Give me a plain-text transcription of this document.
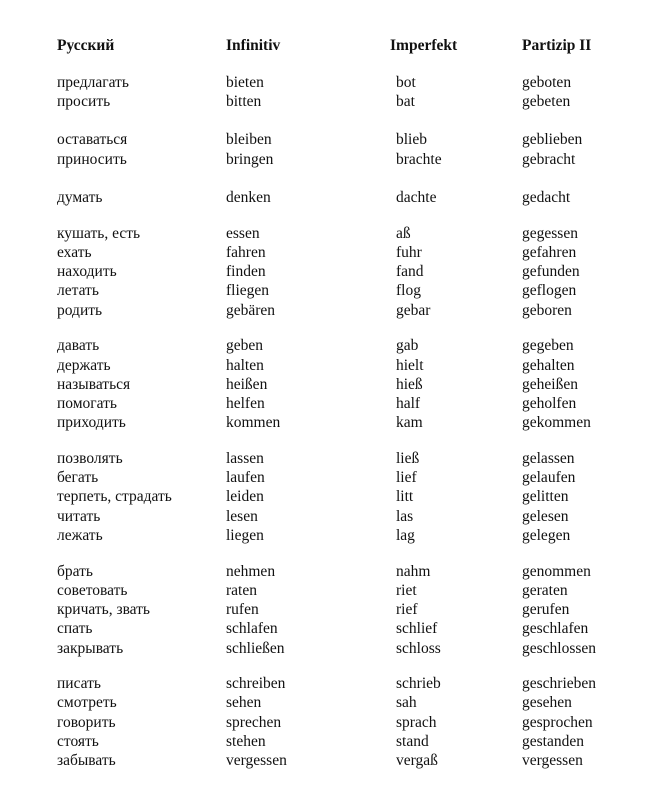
Русский	Infinitiv	Imperfekt	Partizip II
предлагать	bieten	bot	geboten
просить	bitten	bat	gebeten
оставаться	bleiben	blieb	geblieben
приносить	bringen	brachte	gebracht
думать	denken	dachte	gedacht
кушать, есть	essen	aß	gegessen
ехать	fahren	fuhr	gefahren
находить	finden	fand	gefunden
летать	fliegen	flog	geflogen
родить	gebären	gebar	geboren
давать	geben	gab	gegeben
держать	halten	hielt	gehalten
называться	heißen	hieß	geheißen
помогать	helfen	half	geholfen
приходить	kommen	kam	gekommen
позволять	lassen	ließ	gelassen
бегать	laufen	lief	gelaufen
терпеть, страдать	leiden	litt	gelitten
читать	lesen	las	gelesen
лежать	liegen	lag	gelegen
брать	nehmen	nahm	genommen
советовать	raten	riet	geraten
кричать, звать	rufen	rief	gerufen
спать	schlafen	schlief	geschlafen
закрывать	schließen	schloss	geschlossen
писать	schreiben	schrieb	geschrieben
смотреть	sehen	sah	gesehen
говорить	sprechen	sprach	gesprochen
стоять	stehen	stand	gestanden
забывать	vergessen	vergaß	vergessen
